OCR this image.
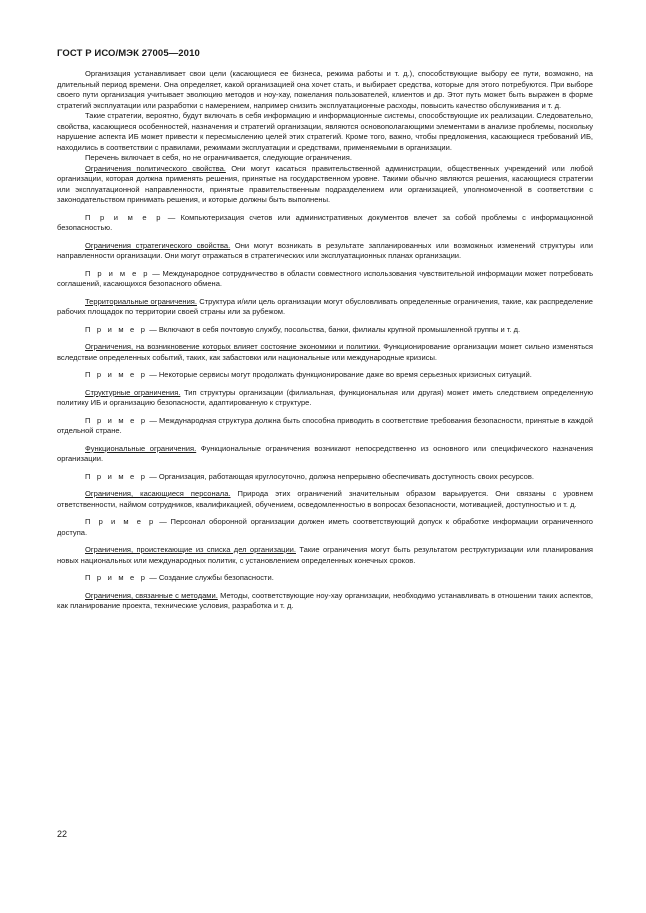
ГОСТ Р ИСО/МЭК 27005—2010

Организация устанавливает свои цели (касающиеся ее бизнеса, режима работы и т. д.), способствующие выбору ее пути, возможно, на длительный период времени. Она определяет, какой организацией она хочет стать, и выбирает средства, которые для этого потребуются. При выборе своего пути организация учитывает эволюцию методов и ноу-хау, пожелания пользователей, клиентов и др. Этот путь может быть выражен в форме стратегий эксплуатации или разработки с намерением, например снизить эксплуатационные расходы, повысить качество обслуживания и т. д.

Такие стратегии, вероятно, будут включать в себя информацию и информационные системы, способствующие их реализации. Следовательно, свойства, касающиеся особенностей, назначения и стратегий организации, являются основополагающими элементами в анализе проблемы, поскольку нарушение аспекта ИБ может привести к пересмыслению целей этих стратегий. Кроме того, важно, чтобы предложения, касающиеся требований ИБ, находились в соответствии с правилами, режимами эксплуатации и средствами, применяемыми в организации.

Перечень включает в себя, но не ограничивается, следующие ограничения.

Ограничения политического свойства. Они могут касаться правительственной администрации, общественных учреждений или любой организации, которая должна применять решения, принятые на государственном уровне. Такими обычно являются решения, касающиеся стратегии или эксплуатационной направленности, принятые правительственным подразделением или организацией, уполномоченной в соответствии с законодательством принимать решения, и которые должны быть выполнены.

П р и м е р — Компьютеризация счетов или административных документов влечет за собой проблемы с информационной безопасностью.

Ограничения стратегического свойства. Они могут возникать в результате запланированных или возможных изменений структуры или направленности организации. Они могут отражаться в стратегических или эксплуатационных планах организации.

П р и м е р — Международное сотрудничество в области совместного использования чувствительной информации может потребовать соглашений, касающихся безопасного обмена.

Территориальные ограничения. Структура и/или цель организации могут обусловливать определенные ограничения, такие, как распределение рабочих площадок по территории своей страны или за рубежом.

П р и м е р — Включают в себя почтовую службу, посольства, банки, филиалы крупной промышленной группы и т. д.

Ограничения, на возникновение которых влияет состояние экономики и политики. Функционирование организации может сильно изменяться вследствие определенных событий, таких, как забастовки или национальные или международные кризисы.

П р и м е р — Некоторые сервисы могут продолжать функционирование даже во время серьезных кризисных ситуаций.

Структурные ограничения. Тип структуры организации (филиальная, функциональная или другая) может иметь следствием определенную политику ИБ и организацию безопасности, адаптированную к структуре.

П р и м е р — Международная структура должна быть способна приводить в соответствие требования безопасности, принятые в каждой отдельной стране.

Функциональные ограничения. Функциональные ограничения возникают непосредственно из основного или специфического назначения организации.

П р и м е р — Организация, работающая круглосуточно, должна непрерывно обеспечивать доступность своих ресурсов.

Ограничения, касающиеся персонала. Природа этих ограничений значительным образом варьируется. Они связаны с уровнем ответственности, наймом сотрудников, квалификацией, обучением, осведомленностью в вопросах безопасности, мотивацией, доступностью и т. д.

П р и м е р — Персонал оборонной организации должен иметь соответствующий допуск к обработке информации ограниченного доступа.

Ограничения, проистекающие из списка дел организации. Такие ограничения могут быть результатом реструктуризации или планирования новых национальных или международных политик, с установлением определенных конечных сроков.

П р и м е р — Создание службы безопасности.

Ограничения, связанные с методами. Методы, соответствующие ноу-хау организации, необходимо устанавливать в отношении таких аспектов, как планирование проекта, технические условия, разработка и т. д.

22
